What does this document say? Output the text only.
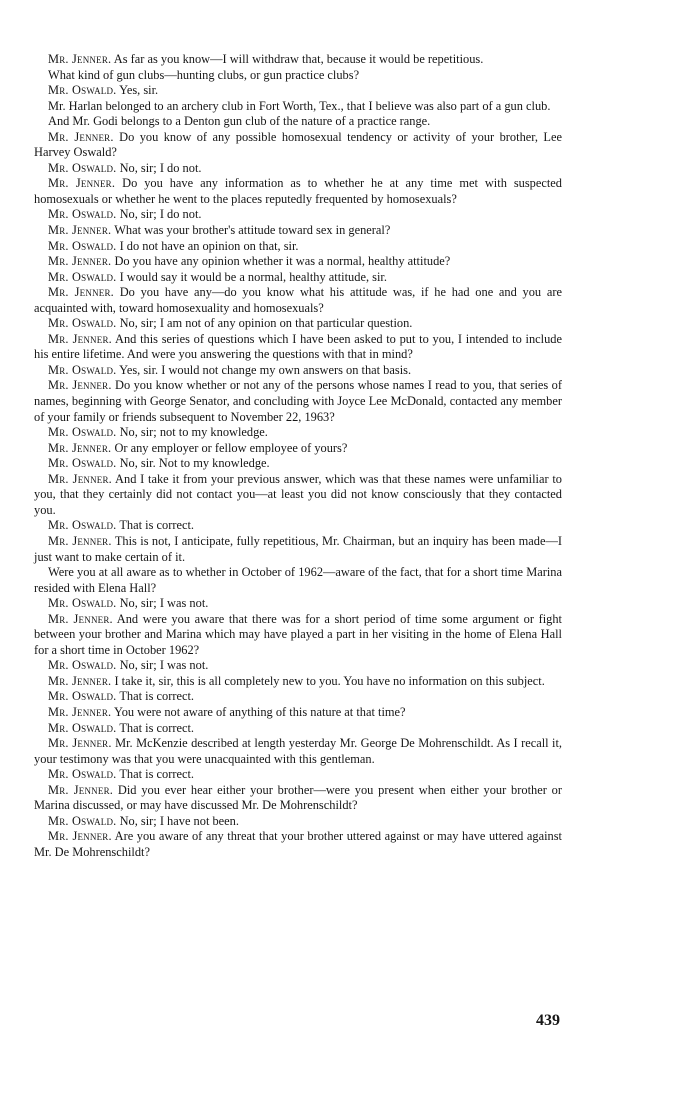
Mr. Jenner. As far as you know—I will withdraw that, because it would be repetitious.

What kind of gun clubs—hunting clubs, or gun practice clubs?

Mr. Oswald. Yes, sir.

Mr. Harlan belonged to an archery club in Fort Worth, Tex., that I believe was also part of a gun club.

And Mr. Godi belongs to a Denton gun club of the nature of a practice range.

Mr. Jenner. Do you know of any possible homosexual tendency or activity of your brother, Lee Harvey Oswald?

Mr. Oswald. No, sir; I do not.

Mr. Jenner. Do you have any information as to whether he at any time met with suspected homosexuals or whether he went to the places reputedly frequented by homosexuals?

Mr. Oswald. No, sir; I do not.

Mr. Jenner. What was your brother's attitude toward sex in general?

Mr. Oswald. I do not have an opinion on that, sir.

Mr. Jenner. Do you have any opinion whether it was a normal, healthy attitude?

Mr. Oswald. I would say it would be a normal, healthy attitude, sir.

Mr. Jenner. Do you have any—do you know what his attitude was, if he had one and you are acquainted with, toward homosexuality and homosexuals?

Mr. Oswald. No, sir; I am not of any opinion on that particular question.

Mr. Jenner. And this series of questions which I have been asked to put to you, I intended to include his entire lifetime. And were you answering the questions with that in mind?

Mr. Oswald. Yes, sir. I would not change my own answers on that basis.

Mr. Jenner. Do you know whether or not any of the persons whose names I read to you, that series of names, beginning with George Senator, and concluding with Joyce Lee McDonald, contacted any member of your family or friends subsequent to November 22, 1963?

Mr. Oswald. No, sir; not to my knowledge.

Mr. Jenner. Or any employer or fellow employee of yours?

Mr. Oswald. No, sir. Not to my knowledge.

Mr. Jenner. And I take it from your previous answer, which was that these names were unfamiliar to you, that they certainly did not contact you—at least you did not know consciously that they contacted you.

Mr. Oswald. That is correct.

Mr. Jenner. This is not, I anticipate, fully repetitious, Mr. Chairman, but an inquiry has been made—I just want to make certain of it.

Were you at all aware as to whether in October of 1962—aware of the fact, that for a short time Marina resided with Elena Hall?

Mr. Oswald. No, sir; I was not.

Mr. Jenner. And were you aware that there was for a short period of time some argument or fight between your brother and Marina which may have played a part in her visiting in the home of Elena Hall for a short time in October 1962?

Mr. Oswald. No, sir; I was not.

Mr. Jenner. I take it, sir, this is all completely new to you. You have no information on this subject.

Mr. Oswald. That is correct.

Mr. Jenner. You were not aware of anything of this nature at that time?

Mr. Oswald. That is correct.

Mr. Jenner. Mr. McKenzie described at length yesterday Mr. George De Mohrenschildt. As I recall it, your testimony was that you were unacquainted with this gentleman.

Mr. Oswald. That is correct.

Mr. Jenner. Did you ever hear either your brother—were you present when either your brother or Marina discussed, or may have discussed Mr. De Mohrenschildt?

Mr. Oswald. No, sir; I have not been.

Mr. Jenner. Are you aware of any threat that your brother uttered against or may have uttered against Mr. De Mohrenschildt?

439
